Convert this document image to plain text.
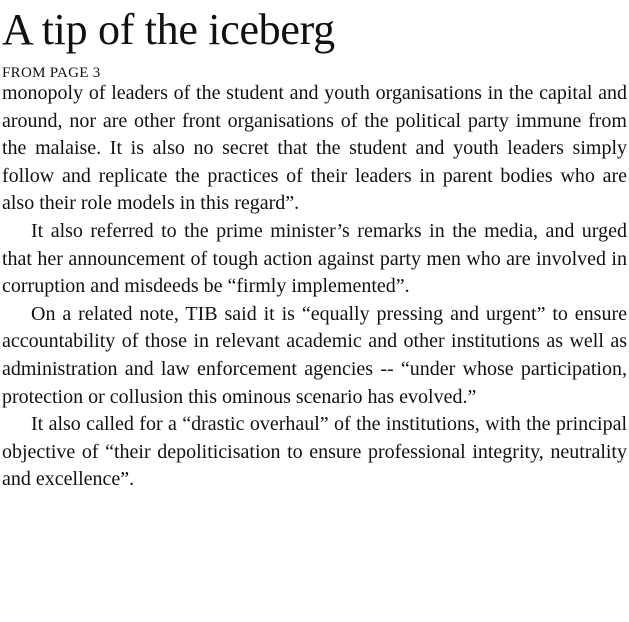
A tip of the iceberg
FROM PAGE 3

monopoly of leaders of the student and youth organisations in the capital and around, nor are other front organisations of the political party immune from the malaise. It is also no secret that the student and youth leaders simply follow and replicate the practices of their leaders in parent bodies who are also their role models in this regard”.

It also referred to the prime minister’s remarks in the media, and urged that her announcement of tough action against party men who are involved in corruption and misdeeds be “firmly implemented”.

On a related note, TIB said it is “equally pressing and urgent” to ensure accountability of those in relevant academic and other institutions as well as administration and law enforcement agencies -- “under whose participation, protection or collusion this ominous scenario has evolved.”

It also called for a “drastic overhaul” of the institutions, with the principal objective of “their depoliticisation to ensure professional integrity, neutrality and excellence”.
